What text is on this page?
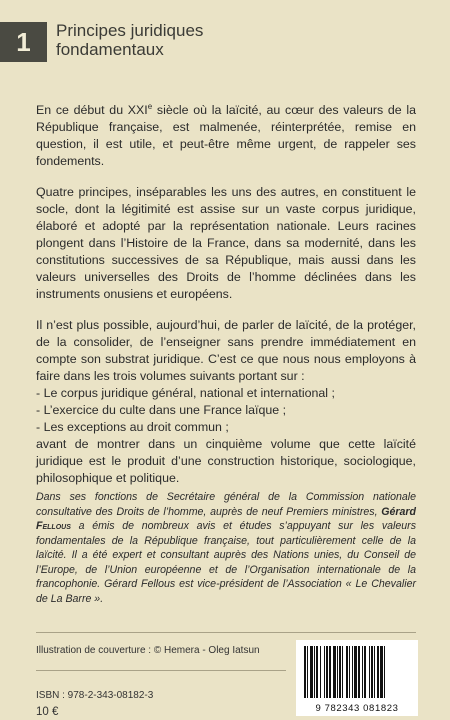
1	Principes juridiques
fondamentaux

En ce début du XXIe siècle où la laïcité, au cœur des valeurs de la République française, est malmenée, réinterprétée, remise en question, il est utile, et peut-être même urgent, de rappeler ses fondements.

Quatre principes, inséparables les uns des autres, en constituent le socle, dont la légitimité est assise sur un vaste corpus juridique, élaboré et adopté par la représentation nationale. Leurs racines plongent dans l’Histoire de la France, dans sa modernité, dans les constitutions successives de sa République, mais aussi dans les valeurs universelles des Droits de l’homme déclinées dans les instruments onusiens et européens.

Il n’est plus possible, aujourd’hui, de parler de laïcité, de la protéger, de la consolider, de l’enseigner sans prendre immédiatement en compte son substrat juridique. C’est ce que nous nous employons à faire dans les trois volumes suivants portant sur :
- Le corpus juridique général, national et international ;
- L’exercice du culte dans une France laïque ;
- Les exceptions au droit commun ;
avant de montrer dans un cinquième volume que cette laïcité juridique est le produit d’une construction historique, sociologique, philosophique et politique.
Dans ses fonctions de Secrétaire général de la Commission nationale consultative des Droits de l’homme, auprès de neuf Premiers ministres, Gérard Fellous a émis de nombreux avis et études s’appuyant sur les valeurs fondamentales de la République française, tout particulièrement celle de la laïcité. Il a été expert et consultant auprès des Nations unies, du Conseil de l’Europe, de l’Union européenne et de l’Organisation internationale de la francophonie. Gérard Fellous est vice-président de l’Association « Le Chevalier de La Barre ».
Illustration de couverture : © Hemera - Oleg Iatsun
ISBN : 978-2-343-08182-3
10 €	9 782343 081823
